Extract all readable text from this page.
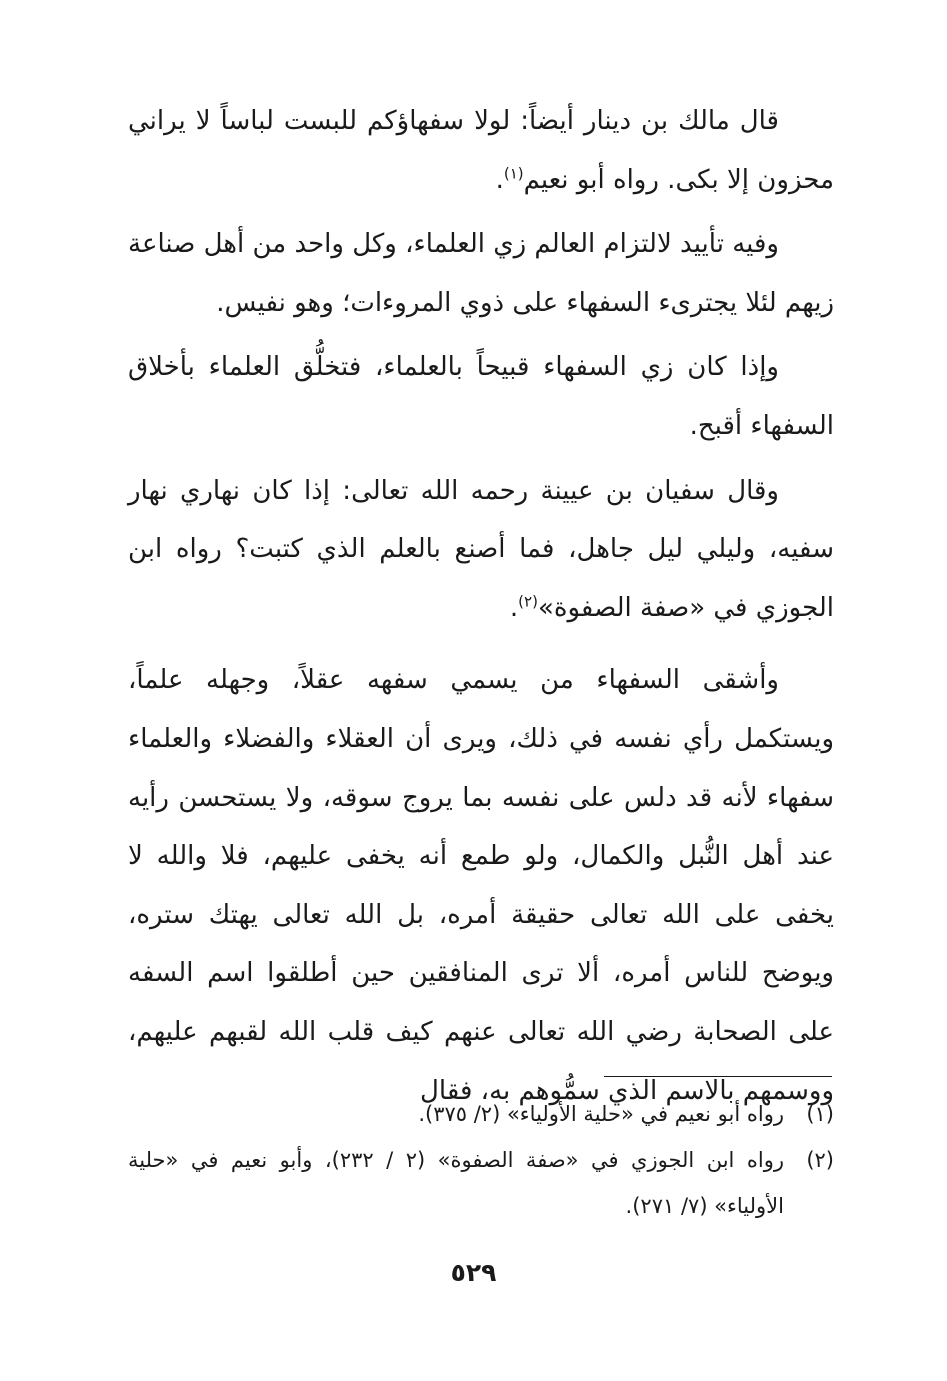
قال مالك بن دينار أيضاً: لولا سفهاؤكم للبست لباساً لا يراني محزون إلا بكى. رواه أبو نعيم$^{(١)}$.

وفيه تأييد لالتزام العالم زي العلماء، وكل واحد من أهل صناعة زيهم لئلا يجترىء السفهاء على ذوي المروءات؛ وهو نفيس.

وإذا كان زي السفهاء قبيحاً بالعلماء، فتخلُّق العلماء بأخلاق السفهاء أقبح.

وقال سفيان بن عيينة رحمه الله تعالى: إذا كان نهاري نهار سفيه، وليلي ليل جاهل، فما أصنع بالعلم الذي كتبت؟ رواه ابن الجوزي في «صفة الصفوة»$^{(٢)}$.

وأشقى السفهاء من يسمي سفهه عقلاً، وجهله علماً، ويستكمل رأي نفسه في ذلك، ويرى أن العقلاء والفضلاء والعلماء سفهاء لأنه قد دلس على نفسه بما يروج سوقه، ولا يستحسن رأيه عند أهل النُّبل والكمال، ولو طمع أنه يخفى عليهم، فلا والله لا يخفى على الله تعالى حقيقة أمره، بل الله تعالى يهتك ستره، ويوضح للناس أمره، ألا ترى المنافقين حين أطلقوا اسم السفه على الصحابة رضي الله تعالى عنهم كيف قلب الله لقبهم عليهم، ووسمهم بالاسم الذي سمُّوهم به، فقال

(١)
رواه أبو نعيم في «حلية الأولياء» (٢/ ٣٧٥).
(٢)
رواه ابن الجوزي في «صفة الصفوة» (٢ / ٢٣٢)، وأبو نعيم في «حلية الأولياء» (٧/ ٢٧١).
٥٢٩
